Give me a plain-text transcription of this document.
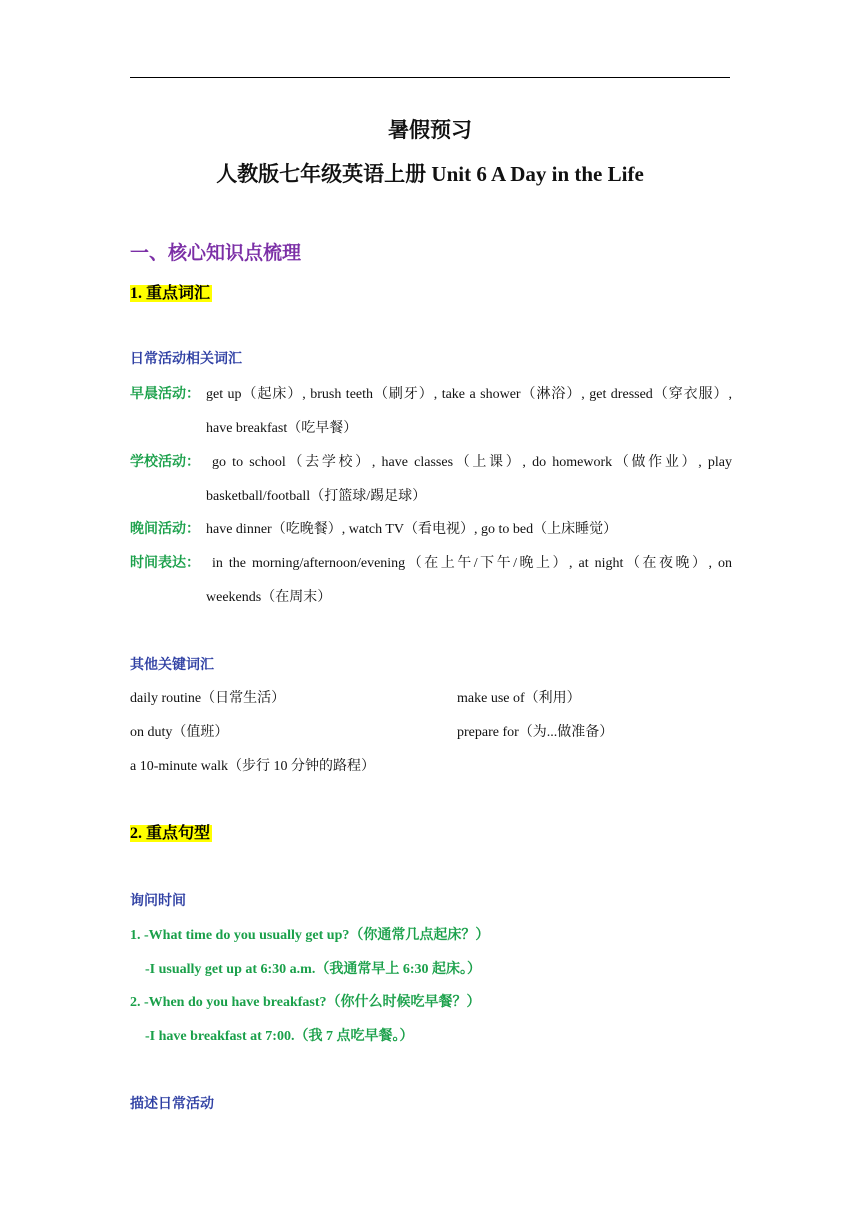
暑假预习
人教版七年级英语上册 Unit 6 A Day in the Life
一、核心知识点梳理
1. 重点词汇
日常活动相关词汇
早晨活动： get up（起床）, brush teeth（刷牙）, take a shower（淋浴）, get dressed（穿衣服）,
have breakfast（吃早餐）
学校活动： go to school（去学校）, have classes（上课）, do homework（做作业）, play
basketball/football（打篮球/踢足球）
晚间活动： have dinner（吃晚餐）, watch TV（看电视）, go to bed（上床睡觉）
时间表达： in the morning/afternoon/evening（在上午/下午/晚上）, at night（在夜晚）, on
weekends（在周末）
其他关键词汇
daily routine（日常生活）	make use of（利用）
on duty（值班）	prepare for（为...做准备）
a 10-minute walk（步行 10 分钟的路程）
2. 重点句型
询问时间
1. -What time do you usually get up?（你通常几点起床？）
-I usually get up at 6:30 a.m.（我通常早上 6:30 起床。）
2. -When do you have breakfast?（你什么时候吃早餐？）
-I have breakfast at 7:00.（我 7 点吃早餐。）
描述日常活动
